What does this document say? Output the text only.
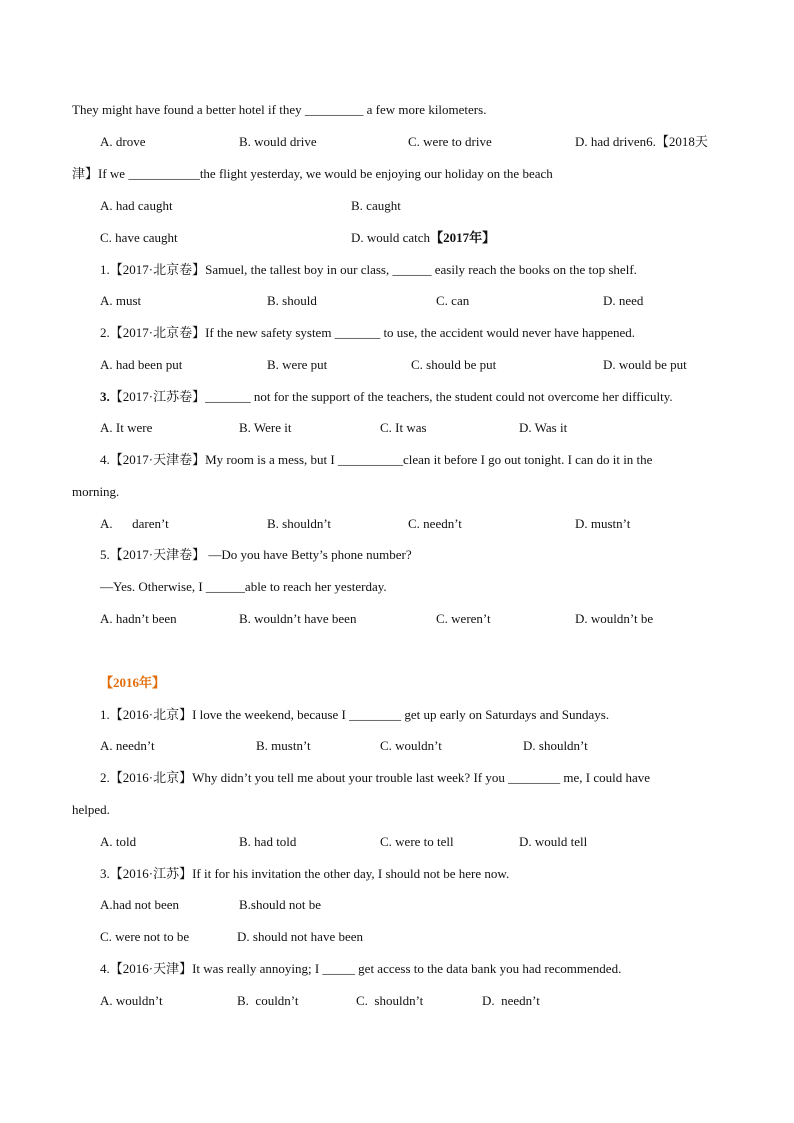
They might have found a better hotel if they _________ a few more kilometers.
A. drove	B. would drive	C. were to drive	D. had driven6.【2018天
津】If we ___________the flight yesterday, we would be enjoying our holiday on the beach
A. had caught	B. caught
C. have caught	D. would catch【2017年】
1.【2017·北京卷】Samuel, the tallest boy in our class, ______ easily reach the books on the top shelf.
A. must	B. should	C. can	D. need
2.【2017·北京卷】If the new safety system _______ to use, the accident would never have happened.
A. had been put	B. were put	C. should be put	D. would be put
3.【2017·江苏卷】_______ not for the support of the teachers, the student could not overcome her difficulty.
A. It were	B. Were it	C. It was	D. Was it
4.【2017·天津卷】My room is a mess, but I __________clean it before I go out tonight. I can do it in the
morning.
A.      daren’t	B. shouldn’t	C. needn’t	D. mustn’t
5.【2017·天津卷】 —Do you have Betty’s phone number?
—Yes. Otherwise, I ______able to reach her yesterday.
A. hadn’t been	B. wouldn’t have been	C. weren’t	D. wouldn’t be
【2016年】
1.【2016·北京】I love the weekend, because I ________ get up early on Saturdays and Sundays.
A. needn’t	B. mustn’t	C. wouldn’t	D. shouldn’t
2.【2016·北京】Why didn’t you tell me about your trouble last week? If you ________ me, I could have
helped.
A. told	B. had told	C. were to tell	D. would tell
3.【2016·江苏】If it for his invitation the other day, I should not be here now.
A.had not been	B.should not be
C. were not to be	D. should not have been
4.【2016·天津】It was really annoying; I _____ get access to the data bank you had recommended.
A. wouldn’t	B.  couldn’t	C.  shouldn’t	D.  needn’t
